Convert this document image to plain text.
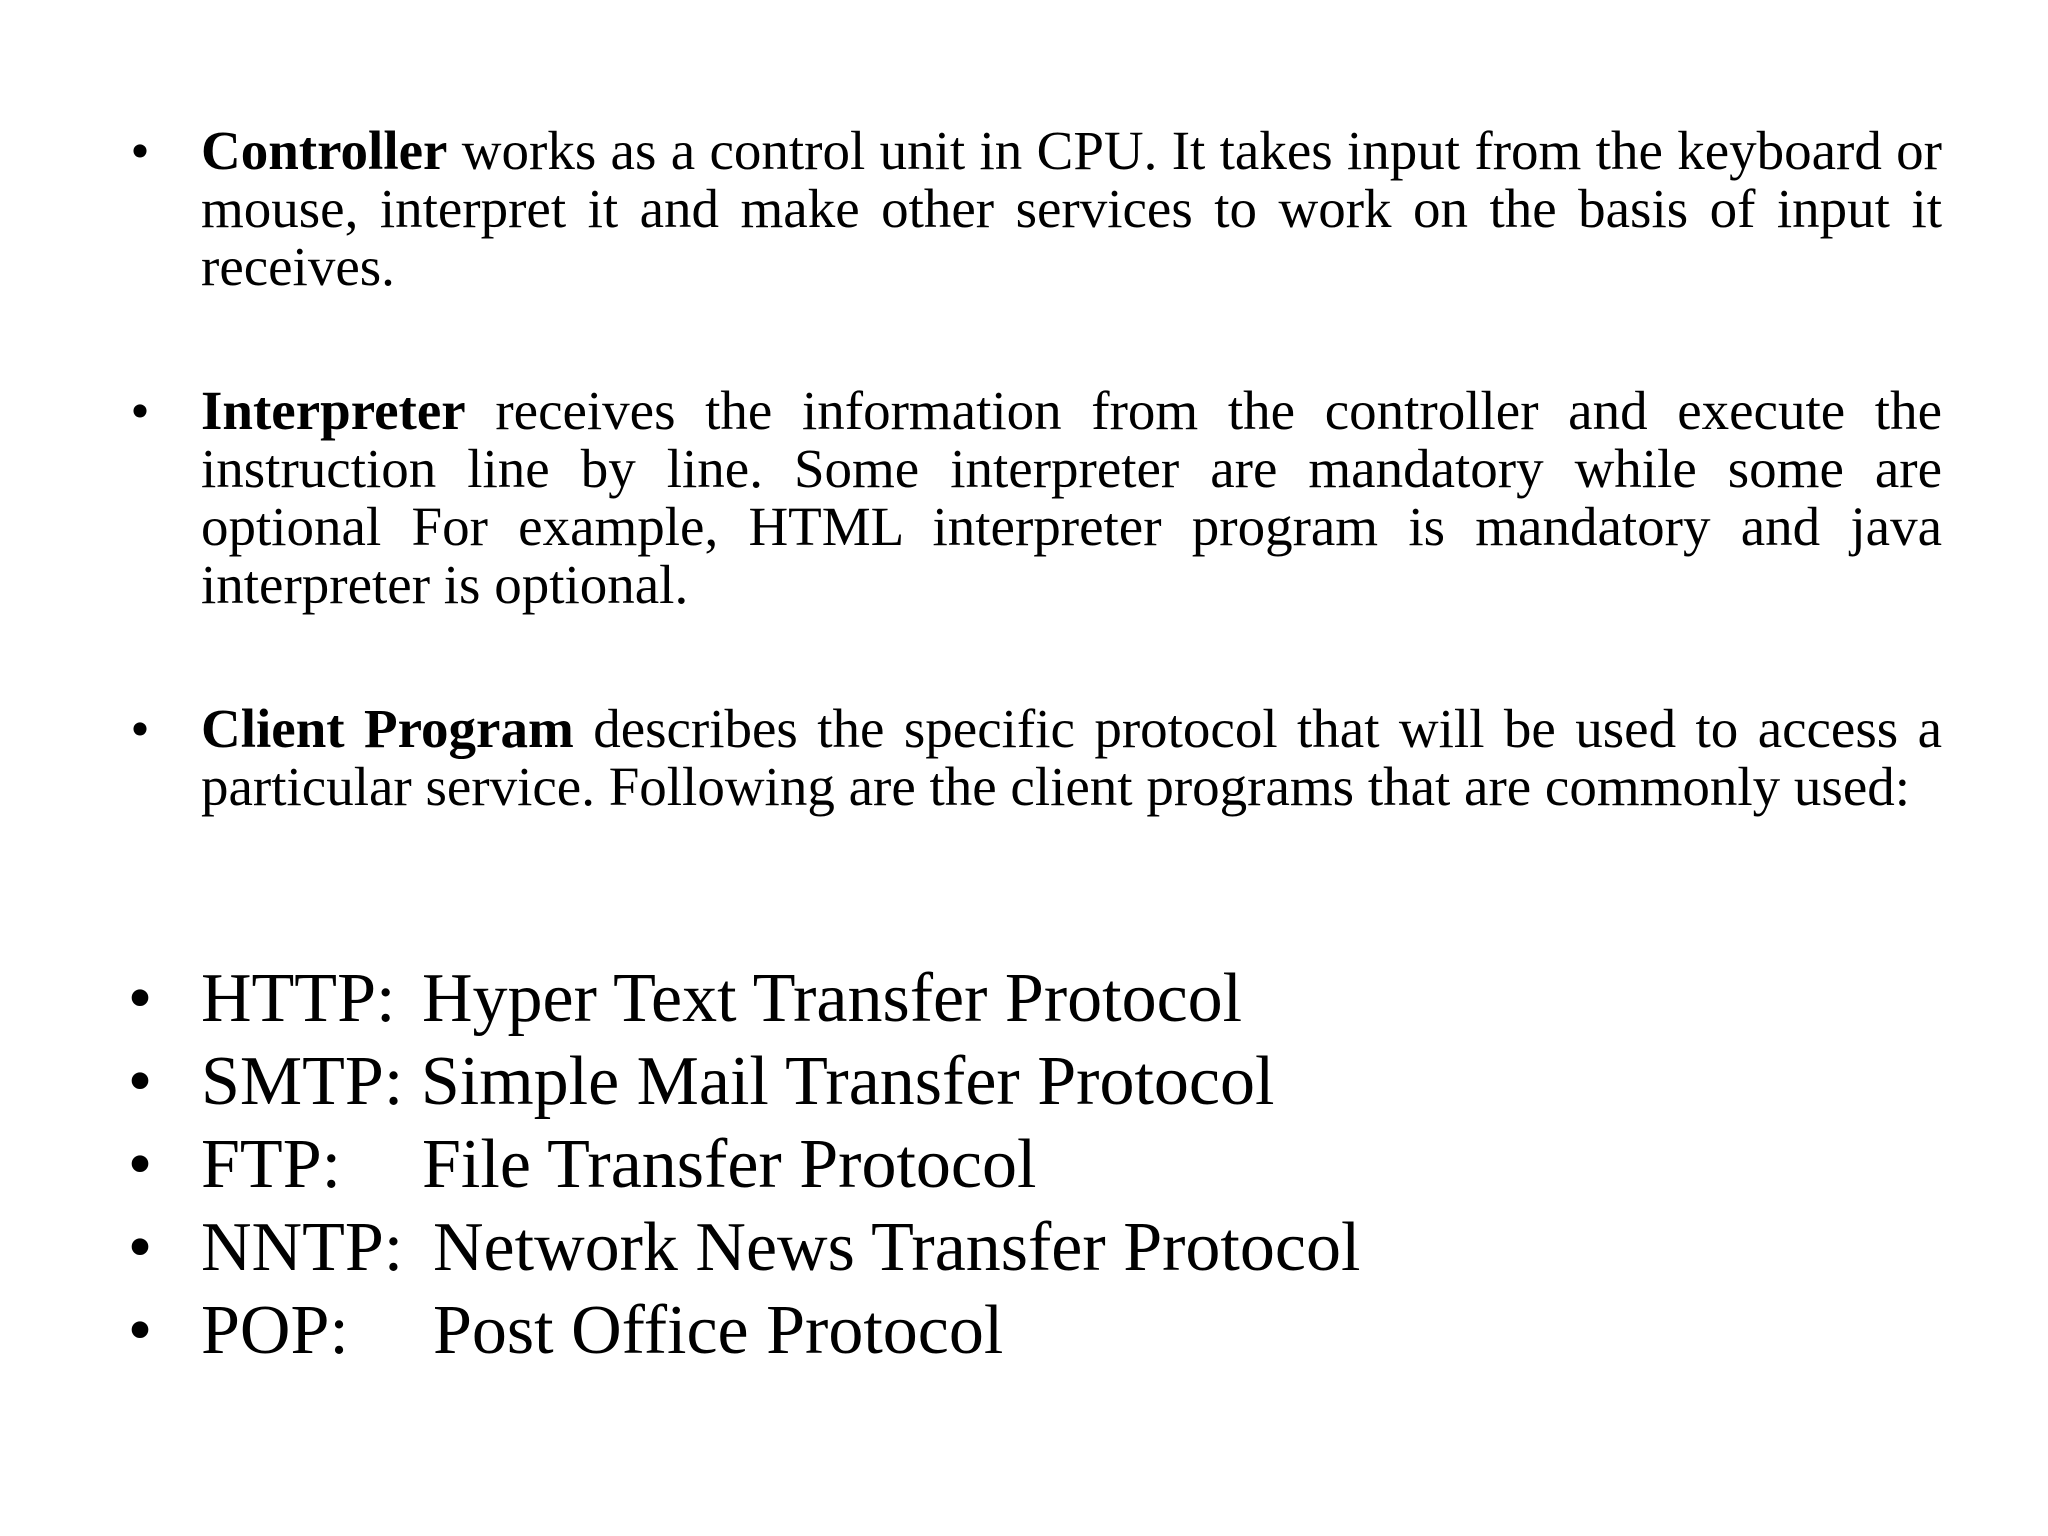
• Controller works as a control unit in CPU. It takes input from the keyboard or mouse, interpret it and make other services to work on the basis of input it receives.
• Interpreter receives the information from the controller and execute the instruction line by line. Some interpreter are mandatory while some are optional For example, HTML interpreter program is mandatory and java interpreter is optional.
• Client Program describes the specific protocol that will be used to access a particular service. Following are the client programs that are commonly used:
• HTTP: Hyper Text Transfer Protocol
• SMTP: Simple Mail Transfer Protocol
• FTP: File Transfer Protocol
• NNTP: Network News Transfer Protocol
• POP: Post Office Protocol
